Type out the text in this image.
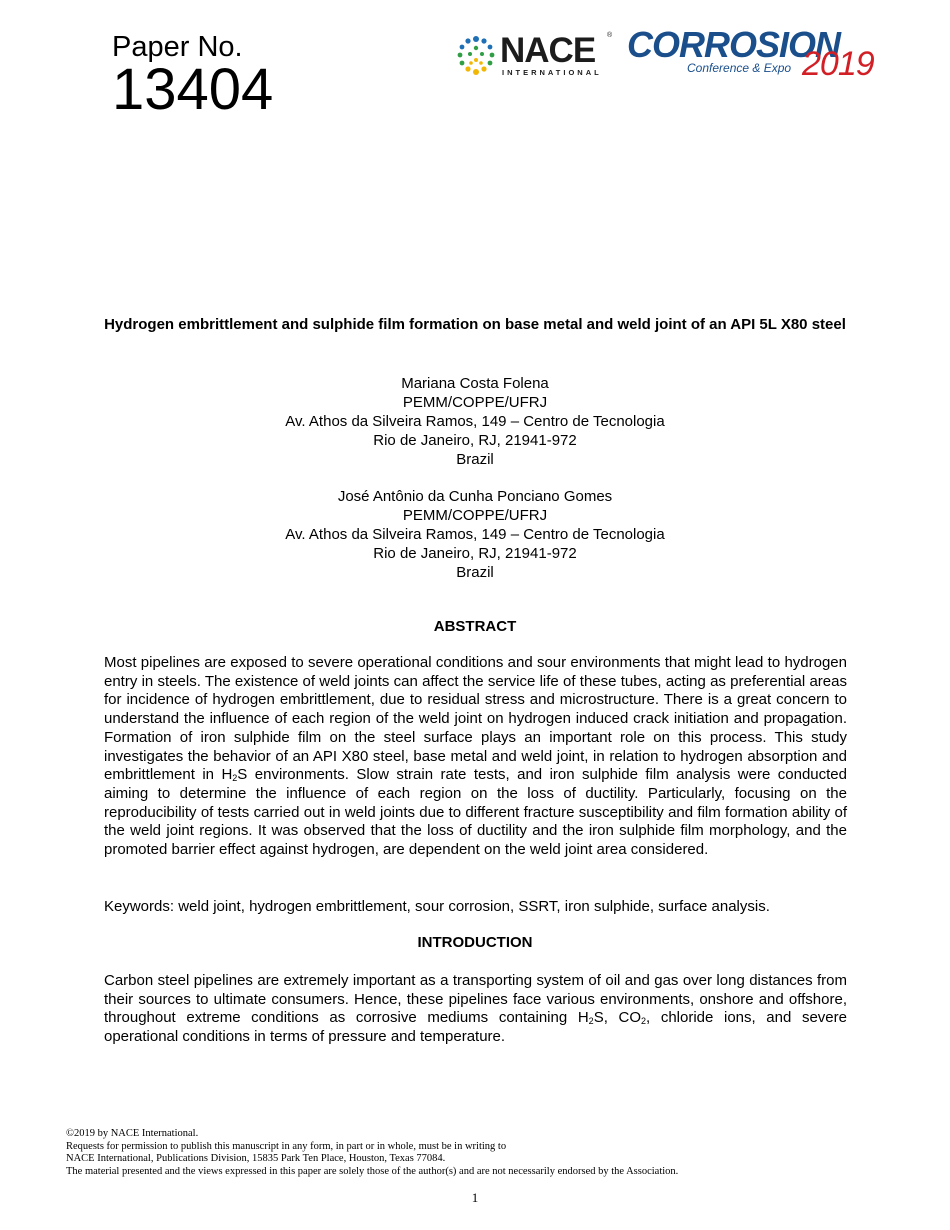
Paper No.
13404
NACE ®
INTERNATIONAL
CORROSION
Conference & Expo 2019
Hydrogen embrittlement and sulphide film formation on base metal and weld joint of an API 5L X80 steel
Mariana Costa Folena
PEMM/COPPE/UFRJ
Av. Athos da Silveira Ramos, 149 – Centro de Tecnologia
Rio de Janeiro, RJ, 21941-972
Brazil
José Antônio da Cunha Ponciano Gomes
PEMM/COPPE/UFRJ
Av. Athos da Silveira Ramos, 149 – Centro de Tecnologia
Rio de Janeiro, RJ, 21941-972
Brazil
ABSTRACT
Most pipelines are exposed to severe operational conditions and sour environments that might lead to hydrogen entry in steels. The existence of weld joints can affect the service life of these tubes, acting as preferential areas for incidence of hydrogen embrittlement, due to residual stress and microstructure. There is a great concern to understand the influence of each region of the weld joint on hydrogen induced crack initiation and propagation. Formation of iron sulphide film on the steel surface plays an important role on this process. This study investigates the behavior of an API X80 steel, base metal and weld joint, in relation to hydrogen absorption and embrittlement in $H_2S$ environments. Slow strain rate tests, and iron sulphide film analysis were conducted aiming to determine the influence of each region on the loss of ductility. Particularly, focusing on the reproducibility of tests carried out in weld joints due to different fracture susceptibility and film formation ability of the weld joint regions. It was observed that the loss of ductility and the iron sulphide film morphology, and the promoted barrier effect against hydrogen, are dependent on the weld joint area considered.
Keywords: weld joint, hydrogen embrittlement, sour corrosion, SSRT, iron sulphide, surface analysis.
INTRODUCTION
Carbon steel pipelines are extremely important as a transporting system of oil and gas over long distances from their sources to ultimate consumers. Hence, these pipelines face various environments, onshore and offshore, throughout extreme conditions as corrosive mediums containing $H_2S$, $CO_2$, chloride ions, and severe operational conditions in terms of pressure and temperature.
©2019 by NACE International.
Requests for permission to publish this manuscript in any form, in part or in whole, must be in writing to
NACE International, Publications Division, 15835 Park Ten Place, Houston, Texas 77084.
The material presented and the views expressed in this paper are solely those of the author(s) and are not necessarily endorsed by the Association.
1
